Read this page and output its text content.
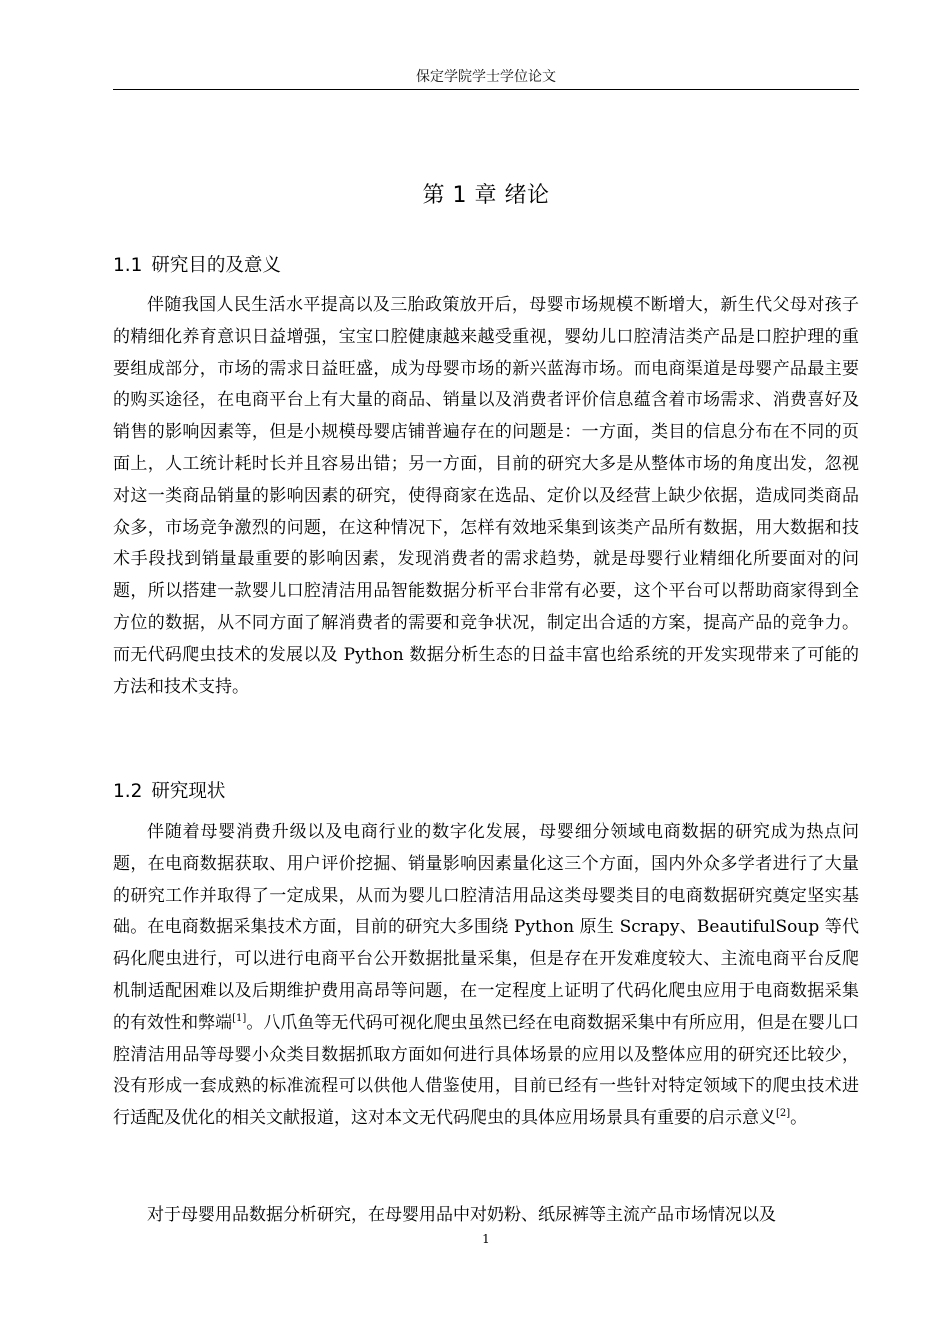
保定学院学士学位论文
第 1 章 绪论
1.1 研究目的及意义

伴随我国人民生活水平提高以及三胎政策放开后，母婴市场规模不断增大，新生代父母对孩子的精细化养育意识日益增强，宝宝口腔健康越来越受重视，婴幼儿口腔清洁类产品是口腔护理的重要组成部分，市场的需求日益旺盛，成为母婴市场的新兴蓝海市场。而电商渠道是母婴产品最主要的购买途径，在电商平台上有大量的商品、销量以及消费者评价信息蕴含着市场需求、消费喜好及销售的影响因素等，但是小规模母婴店铺普遍存在的问题是：一方面，类目的信息分布在不同的页面上，人工统计耗时长并且容易出错；另一方面，目前的研究大多是从整体市场的角度出发，忽视对这一类商品销量的影响因素的研究，使得商家在选品、定价以及经营上缺少依据，造成同类商品众多，市场竞争激烈的问题，在这种情况下，怎样有效地采集到该类产品所有数据，用大数据和技术手段找到销量最重要的影响因素，发现消费者的需求趋势，就是母婴行业精细化所要面对的问题，所以搭建一款婴儿口腔清洁用品智能数据分析平台非常有必要，这个平台可以帮助商家得到全方位的数据，从不同方面了解消费者的需要和竞争状况，制定出合适的方案，提高产品的竞争力。而无代码爬虫技术的发展以及 Python 数据分析生态的日益丰富也给系统的开发实现带来了可能的方法和技术支持。

1.2 研究现状

伴随着母婴消费升级以及电商行业的数字化发展，母婴细分领域电商数据的研究成为热点问题，在电商数据获取、用户评价挖掘、销量影响因素量化这三个方面，国内外众多学者进行了大量的研究工作并取得了一定成果，从而为婴儿口腔清洁用品这类母婴类目的电商数据研究奠定坚实基础。在电商数据采集技术方面，目前的研究大多围绕 Python 原生 Scrapy、BeautifulSoup 等代码化爬虫进行，可以进行电商平台公开数据批量采集，但是存在开发难度较大、主流电商平台反爬机制适配困难以及后期维护费用高昂等问题，在一定程度上证明了代码化爬虫应用于电商数据采集的有效性和弊端[1]。八爪鱼等无代码可视化爬虫虽然已经在电商数据采集中有所应用，但是在婴儿口腔清洁用品等母婴小众类目数据抓取方面如何进行具体场景的应用以及整体应用的研究还比较少，没有形成一套成熟的标准流程可以供他人借鉴使用，目前已经有一些针对特定领域下的爬虫技术进行适配及优化的相关文献报道，这对本文无代码爬虫的具体应用场景具有重要的启示意义[2]。

对于母婴用品数据分析研究，在母婴用品中对奶粉、纸尿裤等主流产品市场情况以及

1
